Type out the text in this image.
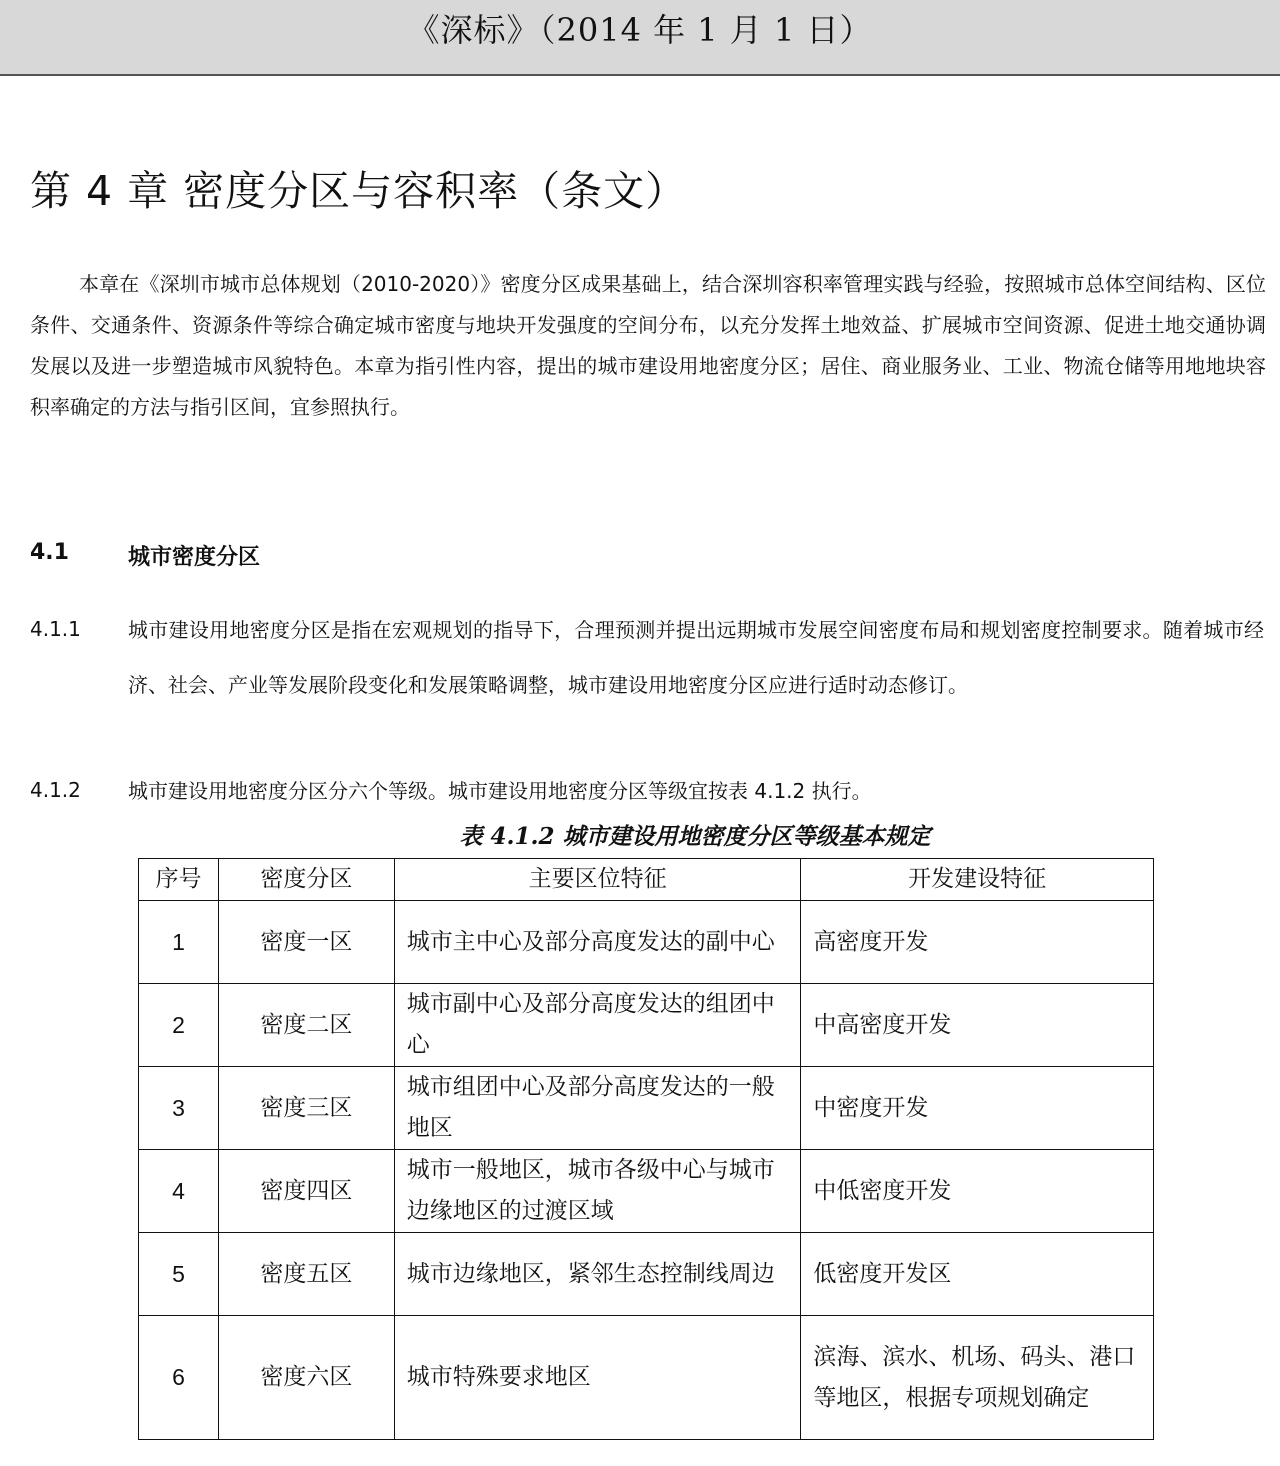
《深标》（2014 年 1 月 1 日）
第 4 章 密度分区与容积率（条文）

本章在《深圳市城市总体规划（2010-2020）》密度分区成果基础上，结合深圳容积率管理实践与经验，按照城市总体空间结构、区位条件、交通条件、资源条件等综合确定城市密度与地块开发强度的空间分布，以充分发挥土地效益、扩展城市空间资源、促进土地交通协调发展以及进一步塑造城市风貌特色。本章为指引性内容，提出的城市建设用地密度分区；居住、商业服务业、工业、物流仓储等用地地块容积率确定的方法与指引区间，宜参照执行。

4.1	城市密度分区
4.1.1 城市建设用地密度分区是指在宏观规划的指导下，合理预测并提出远期城市发展空间密度布局和规划密度控制要求。随着城市经济、社会、产业等发展阶段变化和发展策略调整，城市建设用地密度分区应进行适时动态修订。

4.1.2 城市建设用地密度分区分六个等级。城市建设用地密度分区等级宜按表 4.1.2 执行。

表 4.1.2 城市建设用地密度分区等级基本规定
序号	密度分区	主要区位特征	开发建设特征
1	密度一区	城市主中心及部分高度发达的副中心	高密度开发
2	密度二区	城市副中心及部分高度发达的组团中心	中高密度开发
3	密度三区	城市组团中心及部分高度发达的一般地区	中密度开发
4	密度四区	城市一般地区，城市各级中心与城市边缘地区的过渡区域	中低密度开发
5	密度五区	城市边缘地区，紧邻生态控制线周边	低密度开发区
6	密度六区	城市特殊要求地区	滨海、滨水、机场、码头、港口等地区，根据专项规划确定
